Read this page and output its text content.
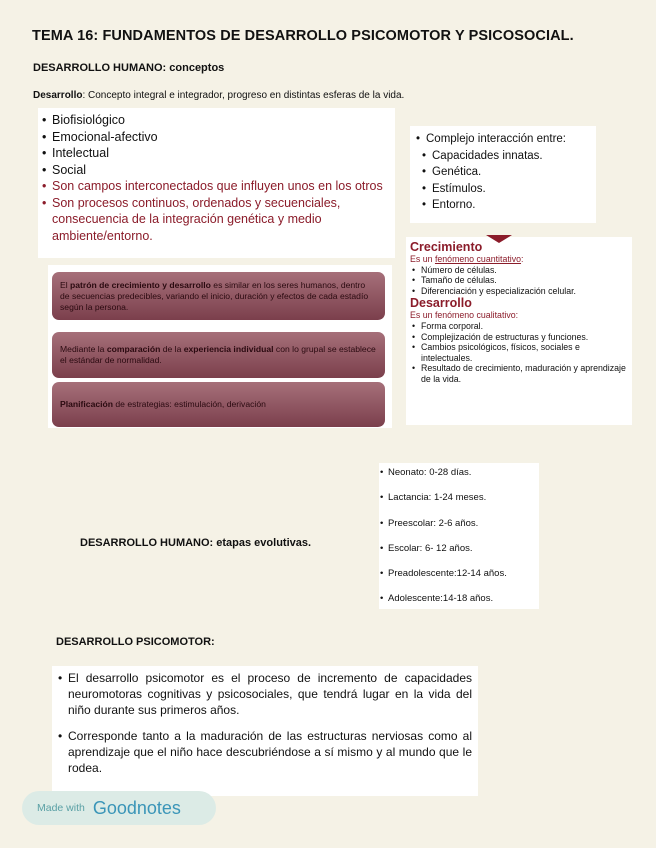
TEMA 16: FUNDAMENTOS DE DESARROLLO PSICOMOTOR Y PSICOSOCIAL.
DESARROLLO HUMANO: conceptos
Desarrollo: Concepto integral e integrador, progreso en distintas esferas de la vida.
• Biofisiológico
• Emocional-afectivo
• Intelectual
• Social
• Son campos interconectados que influyen unos en los otros
• Son procesos continuos, ordenados y secuenciales, consecuencia de la integración genética y medio ambiente/entorno.
• Complejo interacción entre:
• Capacidades innatas.
• Genética.
• Estímulos.
• Entorno.
El patrón de crecimiento y desarrollo es similar en los seres humanos, dentro de secuencias predecibles, variando el inicio, duración y efectos de cada estadío según la persona.
Mediante la comparación de la experiencia individual con lo grupal se establece el estándar de normalidad.
Planificación de estrategias: estimulación, derivación
Crecimiento
Es un fenómeno cuantitativo:
• Número de células.
• Tamaño de células.
• Diferenciación y especialización celular.
Desarrollo
Es un fenómeno cualitativo:
• Forma corporal.
• Complejización de estructuras y funciones.
• Cambios psicológicos, físicos, sociales e intelectuales.
• Resultado de crecimiento, maduración y aprendizaje de la vida.
DESARROLLO HUMANO: etapas evolutivas.
• Neonato: 0-28 días.
• Lactancia: 1-24 meses.
• Preescolar: 2-6 años.
• Escolar: 6- 12 años.
• Preadolescente:12-14 años.
• Adolescente:14-18 años.
DESARROLLO PSICOMOTOR:
• El desarrollo psicomotor es el proceso de incremento de capacidades neuromotoras cognitivas y psicosociales, que tendrá lugar en la vida del niño durante sus primeros años.
• Corresponde tanto a la maduración de las estructuras nerviosas como al aprendizaje que el niño hace descubriéndose a sí mismo y al mundo que le rodea.
Made with Goodnotes
